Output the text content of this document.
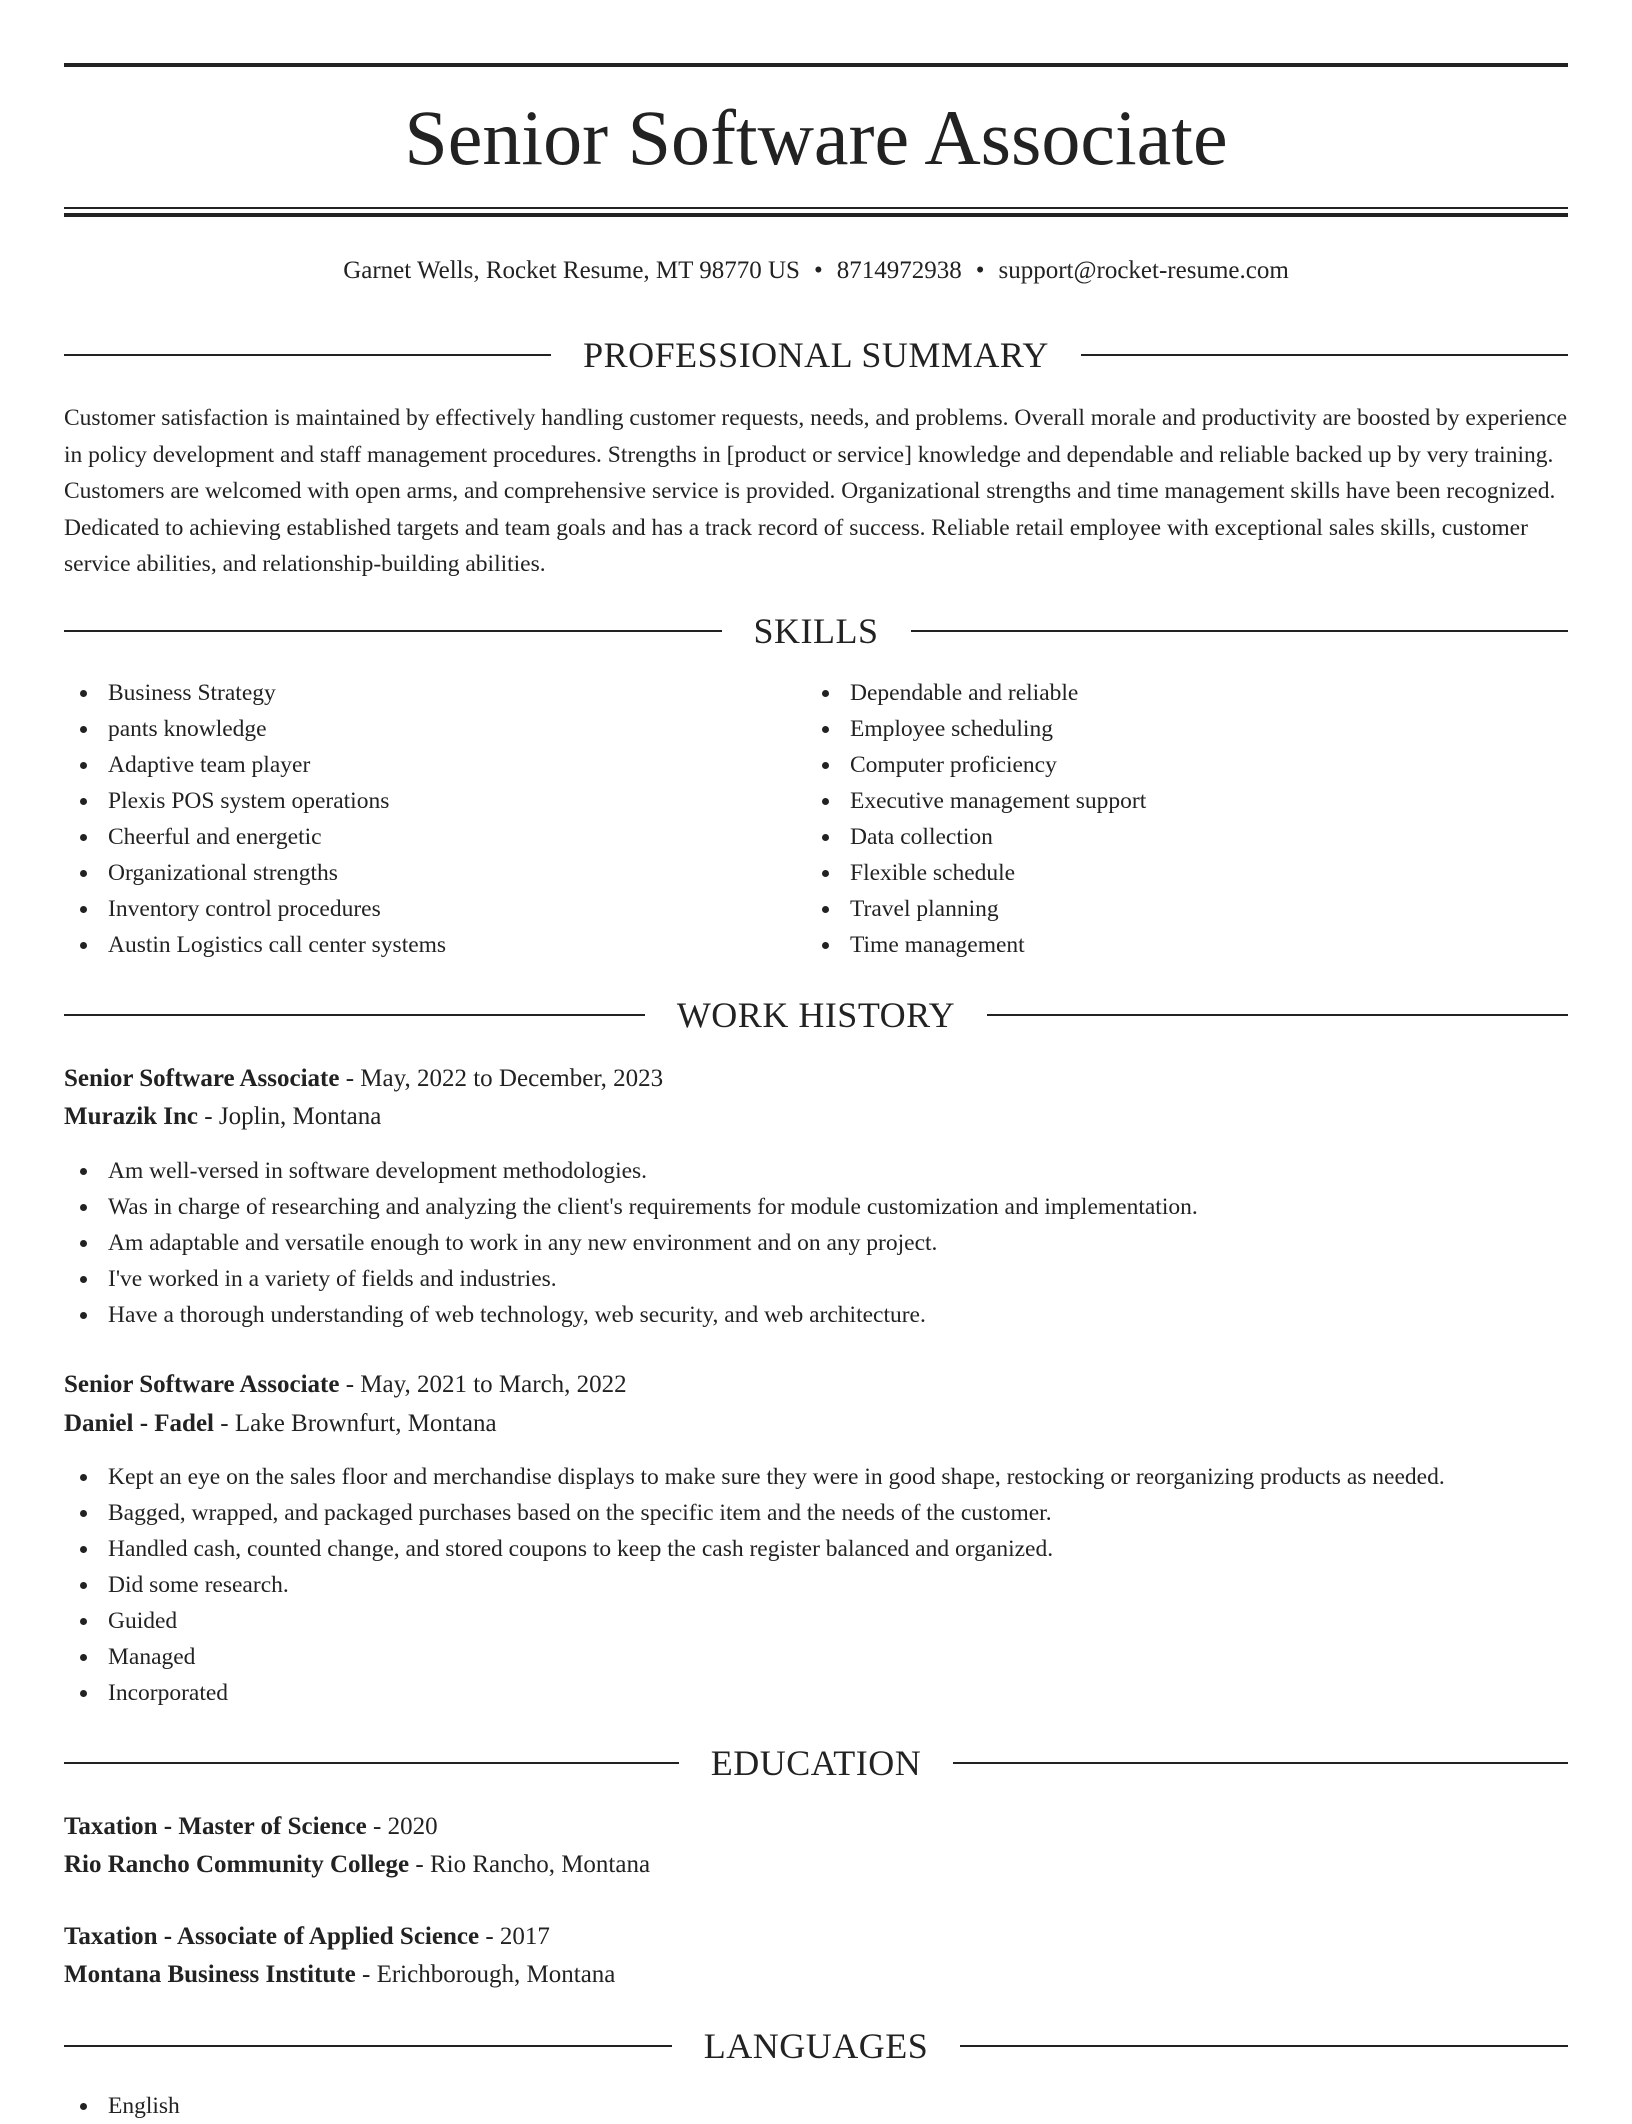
Senior Software Associate
Garnet Wells, Rocket Resume, MT 98770 US • 8714972938 • support@rocket-resume.com
PROFESSIONAL SUMMARY

Customer satisfaction is maintained by effectively handling customer requests, needs, and problems. Overall morale and productivity are boosted by experience in policy development and staff management procedures. Strengths in [product or service] knowledge and dependable and reliable backed up by very training. Customers are welcomed with open arms, and comprehensive service is provided. Organizational strengths and time management skills have been recognized. Dedicated to achieving established targets and team goals and has a track record of success. Reliable retail employee with exceptional sales skills, customer service abilities, and relationship-building abilities.

SKILLS
Business Strategy
pants knowledge
Adaptive team player
Plexis POS system operations
Cheerful and energetic
Organizational strengths
Inventory control procedures
Austin Logistics call center systems
Dependable and reliable
Employee scheduling
Computer proficiency
Executive management support
Data collection
Flexible schedule
Travel planning
Time management
WORK HISTORY
Senior Software Associate - May, 2022 to December, 2023
Murazik Inc - Joplin, Montana
Am well-versed in software development methodologies.
Was in charge of researching and analyzing the client's requirements for module customization and implementation.
Am adaptable and versatile enough to work in any new environment and on any project.
I've worked in a variety of fields and industries.
Have a thorough understanding of web technology, web security, and web architecture.
Senior Software Associate - May, 2021 to March, 2022
Daniel - Fadel - Lake Brownfurt, Montana
Kept an eye on the sales floor and merchandise displays to make sure they were in good shape, restocking or reorganizing products as needed.
Bagged, wrapped, and packaged purchases based on the specific item and the needs of the customer.
Handled cash, counted change, and stored coupons to keep the cash register balanced and organized.
Did some research.
Guided
Managed
Incorporated
EDUCATION
Taxation - Master of Science - 2020
Rio Rancho Community College - Rio Rancho, Montana
Taxation - Associate of Applied Science - 2017
Montana Business Institute - Erichborough, Montana
LANGUAGES
English
